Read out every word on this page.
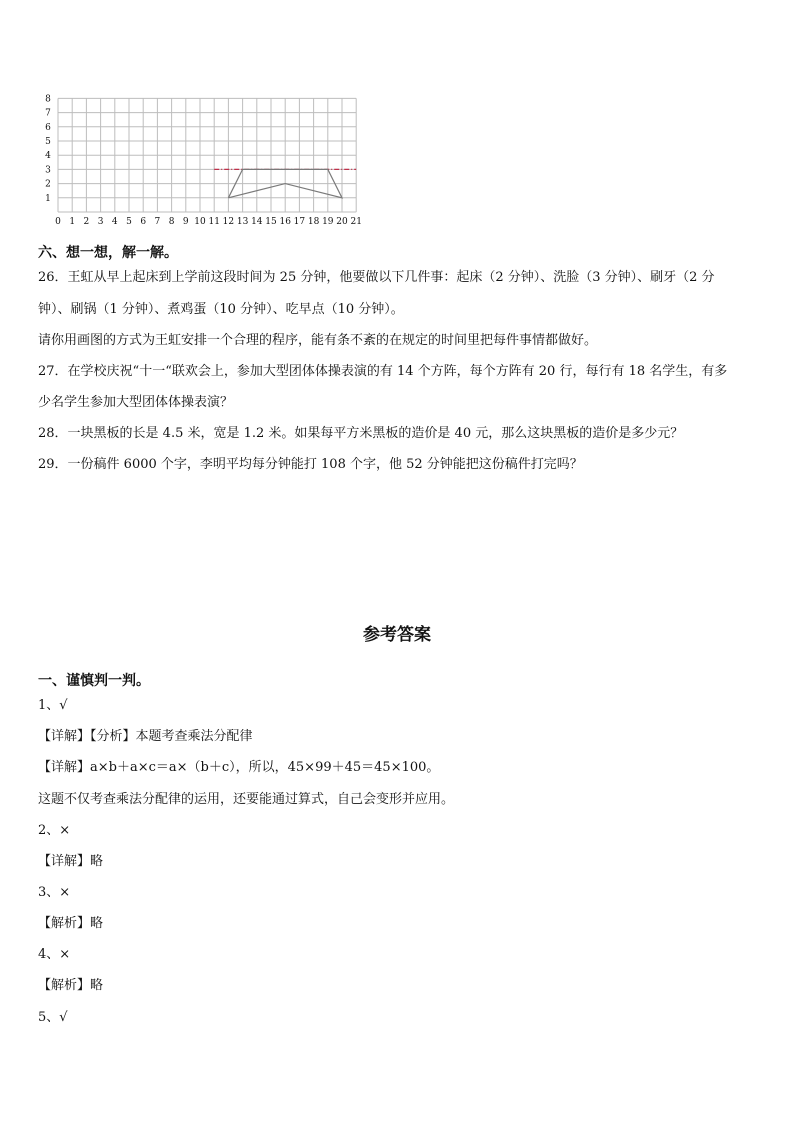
0 1 2 3 4 5 6 7 8 9 10 11 12 13 14 15 16 17 18 19 20 21
1
2
3
4
5
6
7
8
六、想一想，解一解。
26．王虹从早上起床到上学前这段时间为 25 分钟，他要做以下几件事：起床（2 分钟）、洗脸（3 分钟）、刷牙（2 分
钟）、刷锅（1 分钟）、煮鸡蛋（10 分钟）、吃早点（10 分钟）。
请你用画图的方式为王虹安排一个合理的程序，能有条不紊的在规定的时间里把每件事情都做好。
27．在学校庆祝“十一“联欢会上，参加大型团体体操表演的有 14 个方阵，每个方阵有 20 行，每行有 18 名学生，有多
少名学生参加大型团体体操表演？
28．一块黑板的长是 4.5 米，宽是 1.2 米。如果每平方米黑板的造价是 40 元，那么这块黑板的造价是多少元？
29．一份稿件 6000 个字，李明平均每分钟能打 108 个字，他 52 分钟能把这份稿件打完吗？
参考答案
一、谨慎判一判。
1、√
【详解】【分析】本题考查乘法分配律
【详解】a×b＋a×c＝a×（b＋c），所以，45×99＋45＝45×100。
这题不仅考查乘法分配律的运用，还要能通过算式，自己会变形并应用。
2、×
【详解】略
3、×
【解析】略
4、×
【解析】略
5、√
